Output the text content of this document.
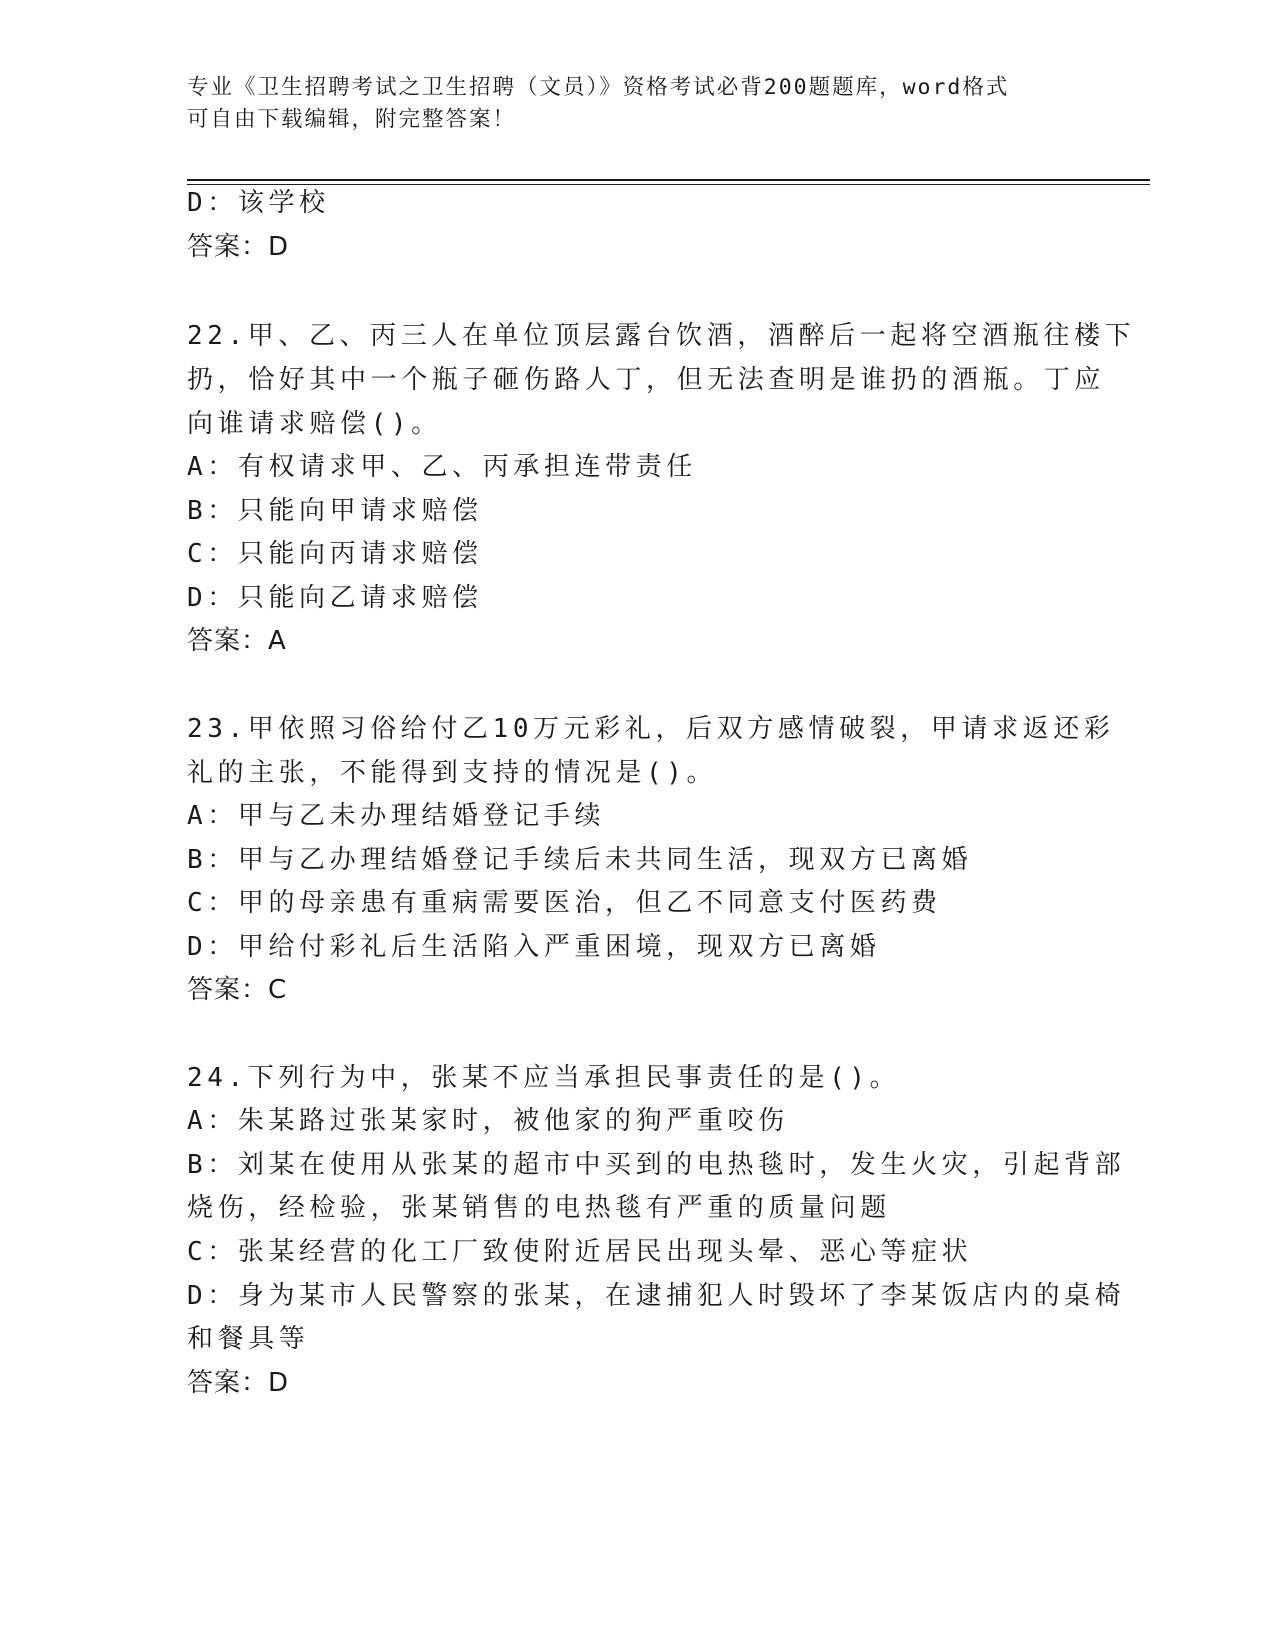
专业《卫生招聘考试之卫生招聘（文员）》资格考试必背200题题库，word格式
可自由下载编辑，附完整答案！
D：该学校
答案：D
22.甲、乙、丙三人在单位顶层露台饮酒，酒醉后一起将空酒瓶往楼下
扔，恰好其中一个瓶子砸伤路人丁，但无法查明是谁扔的酒瓶。丁应
向谁请求赔偿()。
A：有权请求甲、乙、丙承担连带责任
B：只能向甲请求赔偿
C：只能向丙请求赔偿
D：只能向乙请求赔偿
答案：A
23.甲依照习俗给付乙10万元彩礼，后双方感情破裂，甲请求返还彩
礼的主张，不能得到支持的情况是()。
A：甲与乙未办理结婚登记手续
B：甲与乙办理结婚登记手续后未共同生活，现双方已离婚
C：甲的母亲患有重病需要医治，但乙不同意支付医药费
D：甲给付彩礼后生活陷入严重困境，现双方已离婚
答案：C
24.下列行为中，张某不应当承担民事责任的是()。
A：朱某路过张某家时，被他家的狗严重咬伤
B：刘某在使用从张某的超市中买到的电热毯时，发生火灾，引起背部
烧伤，经检验，张某销售的电热毯有严重的质量问题
C：张某经营的化工厂致使附近居民出现头晕、恶心等症状
D：身为某市人民警察的张某，在逮捕犯人时毁坏了李某饭店内的桌椅
和餐具等
答案：D
